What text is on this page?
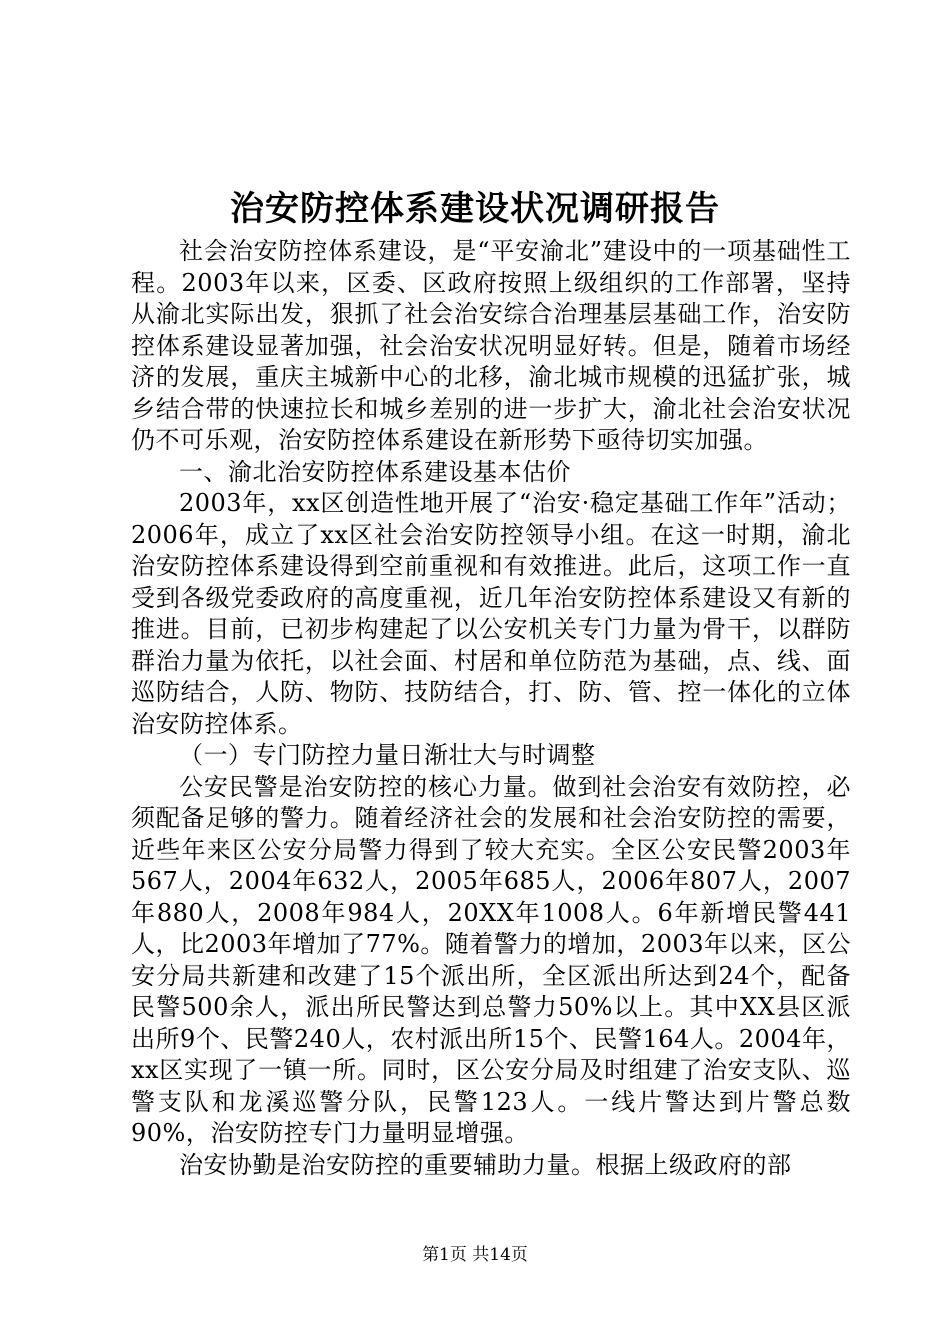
治安防控体系建设状况调研报告

社会治安防控体系建设，是“平安渝北”建设中的一项基础性工程。2003年以来，区委、区政府按照上级组织的工作部署，坚持从渝北实际出发，狠抓了社会治安综合治理基层基础工作，治安防控体系建设显著加强，社会治安状况明显好转。但是，随着市场经济的发展，重庆主城新中心的北移，渝北城市规模的迅猛扩张，城乡结合带的快速拉长和城乡差别的进一步扩大，渝北社会治安状况仍不可乐观，治安防控体系建设在新形势下亟待切实加强。

一、渝北治安防控体系建设基本估价

2003年，xx区创造性地开展了“治安·稳定基础工作年”活动；2006年，成立了xx区社会治安防控领导小组。在这一时期，渝北治安防控体系建设得到空前重视和有效推进。此后，这项工作一直受到各级党委政府的高度重视，近几年治安防控体系建设又有新的推进。目前，已初步构建起了以公安机关专门力量为骨干，以群防群治力量为依托，以社会面、村居和单位防范为基础，点、线、面巡防结合，人防、物防、技防结合，打、防、管、控一体化的立体治安防控体系。

（一）专门防控力量日渐壮大与时调整

公安民警是治安防控的核心力量。做到社会治安有效防控，必须配备足够的警力。随着经济社会的发展和社会治安防控的需要，近些年来区公安分局警力得到了较大充实。全区公安民警2003年567人，2004年632人，2005年685人，2006年807人，2007年880人，2008年984人，20XX年1008人。6年新增民警441人，比2003年增加了77%。随着警力的增加，2003年以来，区公安分局共新建和改建了15个派出所，全区派出所达到24个，配备民警500余人，派出所民警达到总警力50%以上。其中XX县区派出所9个、民警240人，农村派出所15个、民警164人。2004年，xx区实现了一镇一所。同时，区公安分局及时组建了治安支队、巡警支队和龙溪巡警分队，民警123人。一线片警达到片警总数90%，治安防控专门力量明显增强。

治安协勤是治安防控的重要辅助力量。根据上级政府的部

第1页 共14页
